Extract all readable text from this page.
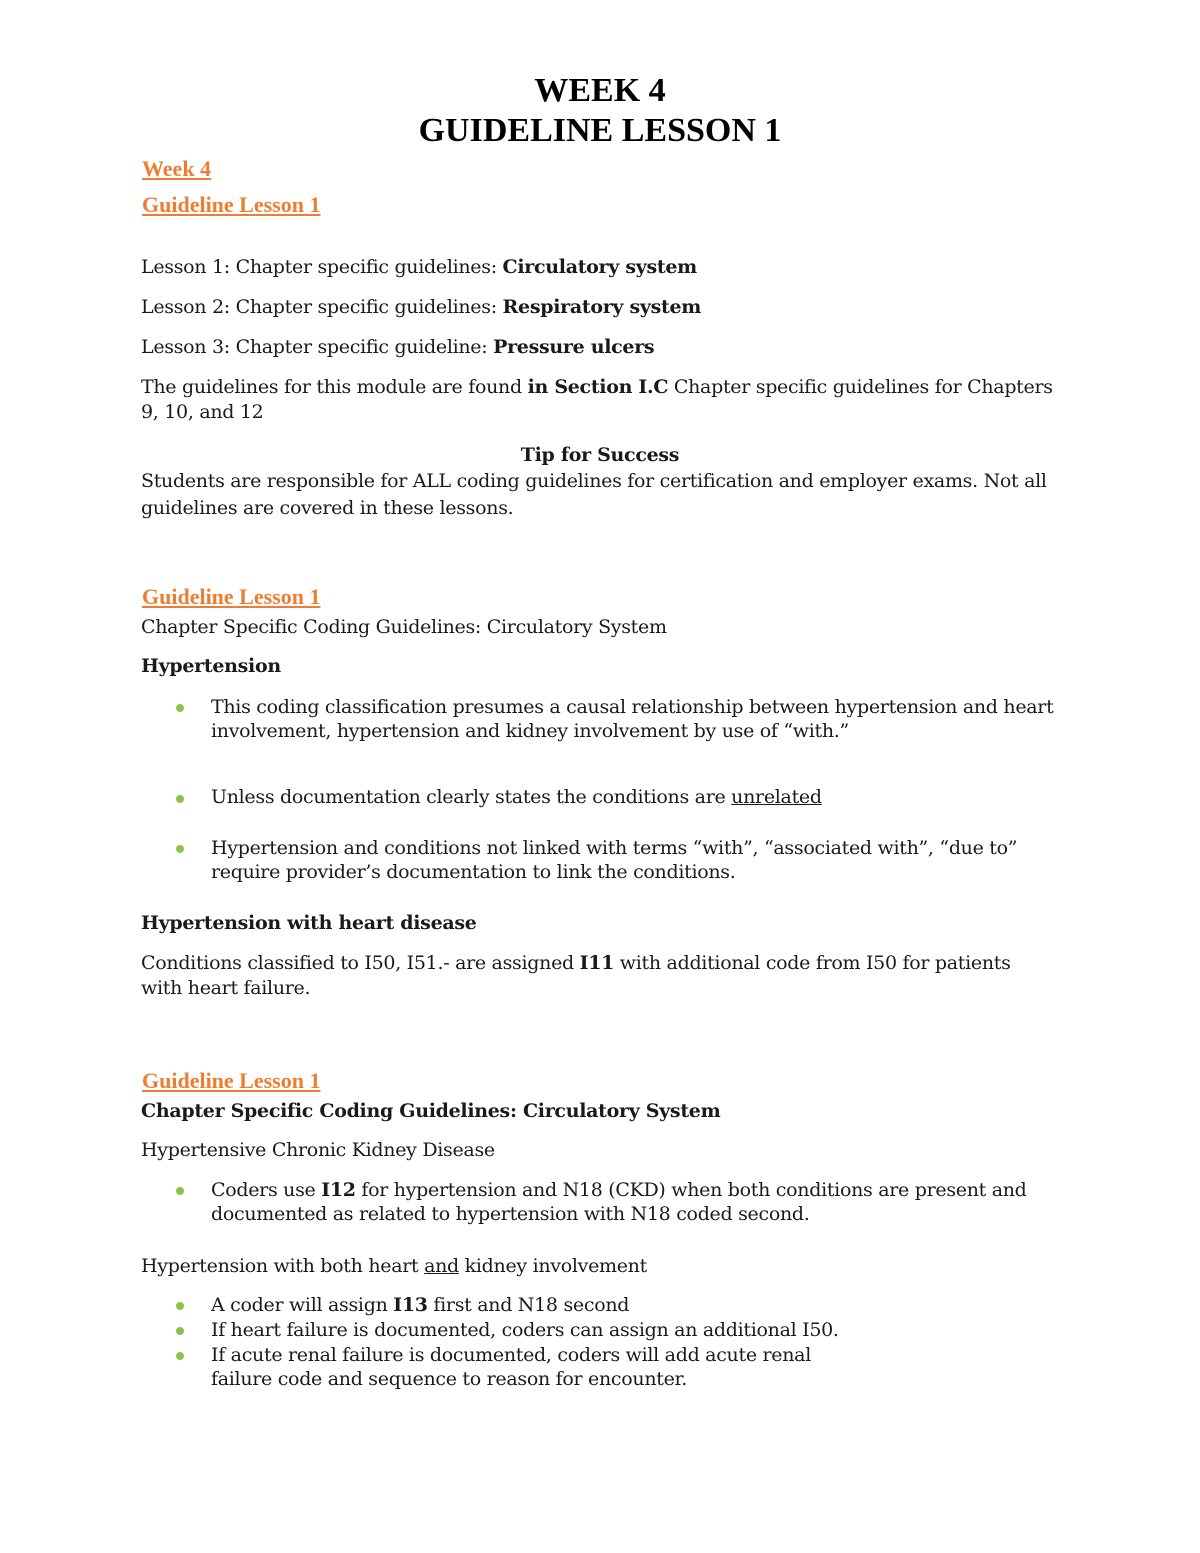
WEEK 4
GUIDELINE LESSON 1
Week 4
Guideline Lesson 1
Lesson 1: Chapter specific guidelines: Circulatory system
Lesson 2: Chapter specific guidelines: Respiratory system
Lesson 3: Chapter specific guideline: Pressure ulcers
The guidelines for this module are found in Section I.C Chapter specific guidelines for Chapters
9, 10, and 12
Tip for Success
Students are responsible for ALL coding guidelines for certification and employer exams. Not all
guidelines are covered in these lessons.
Guideline Lesson 1
Chapter Specific Coding Guidelines: Circulatory System
Hypertension
This coding classification presumes a causal relationship between hypertension and heart
involvement, hypertension and kidney involvement by use of “with.”
Unless documentation clearly states the conditions are unrelated
Hypertension and conditions not linked with terms “with”, “associated with”, “due to”
require provider’s documentation to link the conditions.
Hypertension with heart disease
Conditions classified to I50, I51.- are assigned I11 with additional code from I50 for patients
with heart failure.
Guideline Lesson 1
Chapter Specific Coding Guidelines: Circulatory System
Hypertensive Chronic Kidney Disease
Coders use I12 for hypertension and N18 (CKD) when both conditions are present and
documented as related to hypertension with N18 coded second.
Hypertension with both heart and kidney involvement
A coder will assign I13 first and N18 second
If heart failure is documented, coders can assign an additional I50.
If acute renal failure is documented, coders will add acute renal
failure code and sequence to reason for encounter.
